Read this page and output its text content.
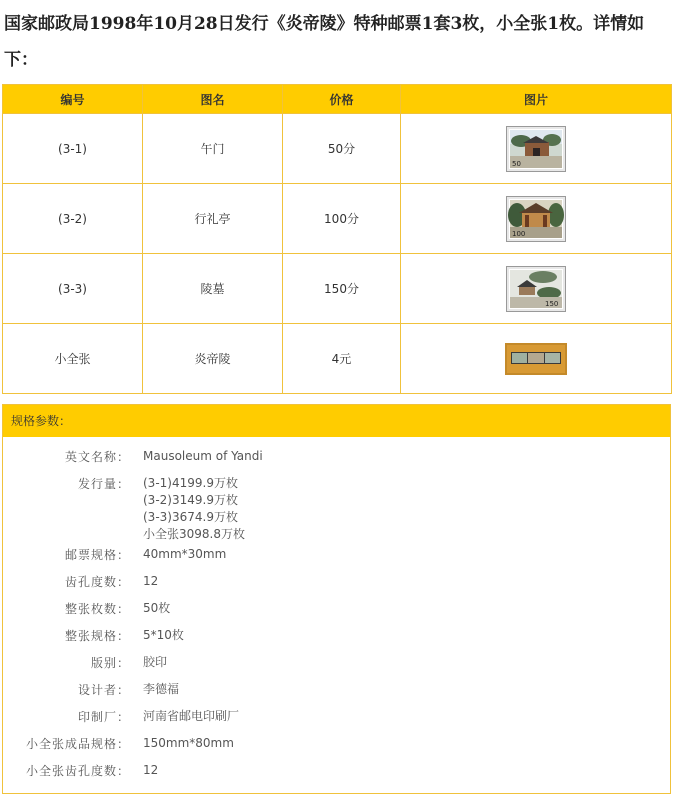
国家邮政局1998年10月28日发行《炎帝陵》特种邮票1套3枚，小全张1枚。详情如下：

编号	图名	价格	图片
(3-1)	午门	50分	50

(3-2)	行礼亭	100分	100

(3-3)	陵墓	150分	150

小全张	炎帝陵	4元	
规格参数：
英文名称： Mausoleum of Yandi
发行量： (3-1)4199.9万枚
(3-2)3149.9万枚
(3-3)3674.9万枚
小全张3098.8万枚
邮票规格： 40mm*30mm
齿孔度数： 12
整张枚数： 50枚
整张规格： 5*10枚
版别： 胶印
设计者： 李德福
印制厂： 河南省邮电印刷厂
小全张成品规格： 150mm*80mm
小全张齿孔度数： 12
